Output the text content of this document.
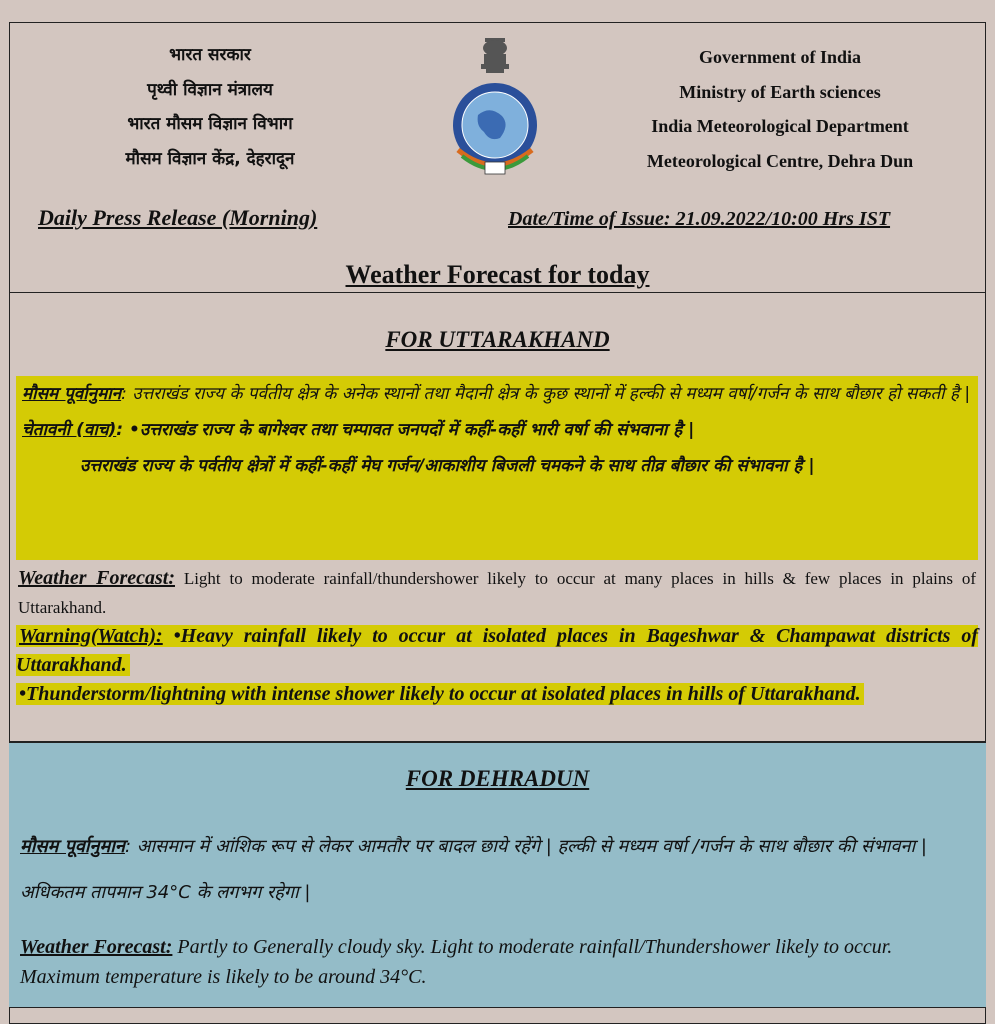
भारत सरकार
पृथ्वी विज्ञान मंत्रालय
भारत मौसम विज्ञान विभाग
मौसम विज्ञान केंद्र, देहरादून
Government of India
Ministry of Earth sciences
India Meteorological Department
Meteorological Centre, Dehra Dun
Daily Press Release (Morning)	Date/Time of Issue: 21.09.2022/10:00 Hrs IST
Weather Forecast for today
FOR UTTARAKHAND

मौसम पूर्वानुमान: उत्तराखंड राज्य के पर्वतीय क्षेत्र के अनेक स्थानों तथा मैदानी क्षेत्र के कुछ स्थानों में हल्की से मध्यम वर्षा/गर्जन के साथ बौछार हो सकती है |

चेतावनी (वाच): •उत्तराखंड राज्य के बागेश्वर तथा चम्पावत जनपदों में कहीं-कहीं भारी वर्षा की संभवाना है |

उत्तराखंड राज्य के पर्वतीय क्षेत्रों में कहीं-कहीं मेघ गर्जन/आकाशीय बिजली चमकने के साथ तीव्र बौछार की संभावना है |

Weather Forecast: Light to moderate rainfall/thundershower likely to occur at many places in hills & few places in plains of Uttarakhand.

Warning(Watch): •Heavy rainfall likely to occur at isolated places in Bageshwar & Champawat districts of Uttarakhand.

•Thunderstorm/lightning with intense shower likely to occur at isolated places in hills of Uttarakhand.

FOR DEHRADUN
मौसम पूर्वानुमान: आसमान में आंशिक रूप से लेकर आमतौर पर बादल छाये रहेंगे | हल्की से मध्यम वर्षा /गर्जन के साथ बौछार की संभावना | अधिकतम तापमान 34°C के लगभग रहेगा |
Weather Forecast: Partly to Generally cloudy sky. Light to moderate rainfall/Thundershower likely to occur. Maximum temperature is likely to be around 34°C.
